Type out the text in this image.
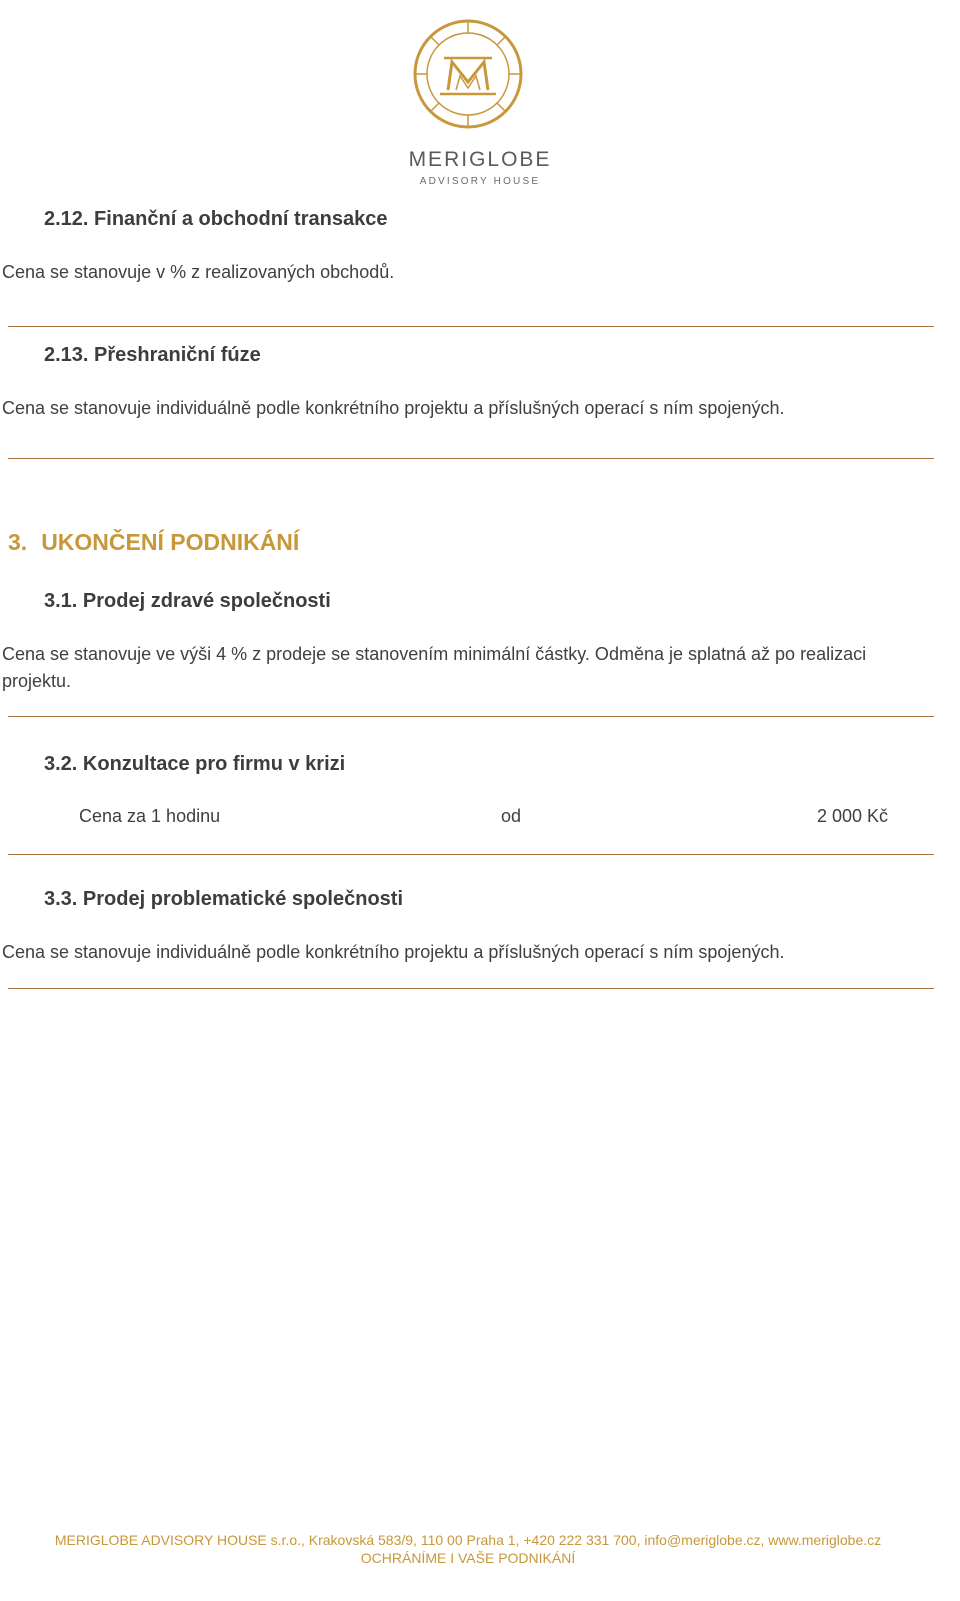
MERIGLOBE
ADVISORY HOUSE
2.12. Finanční a obchodní transakce
Cena se stanovuje v % z realizovaných obchodů.
2.13. Přeshraniční fúze
Cena se stanovuje individuálně podle konkrétního projektu a příslušných operací s ním spojených.
3. UKONČENÍ PODNIKÁNÍ
3.1. Prodej zdravé společnosti
Cena se stanovuje ve výši 4 % z prodeje se stanovením minimální částky. Odměna je splatná až po realizaci projektu.
3.2. Konzultace pro firmu v krizi
Cena za 1 hodinu	od	2 000 Kč
3.3. Prodej problematické společnosti
Cena se stanovuje individuálně podle konkrétního projektu a příslušných operací s ním spojených.
MERIGLOBE ADVISORY HOUSE s.r.o., Krakovská 583/9, 110 00 Praha 1, +420 222 331 700, info@meriglobe.cz, www.meriglobe.cz
OCHRÁNÍME I VAŠE PODNIKÁNÍ
